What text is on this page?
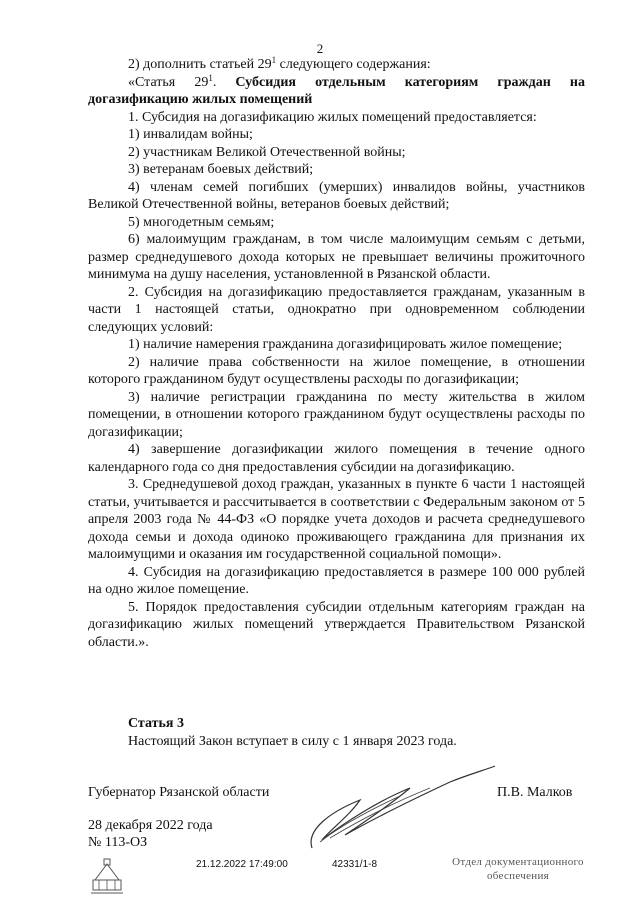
2

2) дополнить статьей $29^1$ следующего содержания:

«Статья $29^1$. Субсидия отдельным категориям граждан на догазификацию жилых помещений

1. Субсидия на догазификацию жилых помещений предоставляется:

1) инвалидам войны;

2) участникам Великой Отечественной войны;

3) ветеранам боевых действий;

4) членам семей погибших (умерших) инвалидов войны, участников Великой Отечественной войны, ветеранов боевых действий;

5) многодетным семьям;

6) малоимущим гражданам, в том числе малоимущим семьям с детьми, размер среднедушевого дохода которых не превышает величины прожиточного минимума на душу населения, установленной в Рязанской области.

2. Субсидия на догазификацию предоставляется гражданам, указанным в части 1 настоящей статьи, однократно при одновременном соблюдении следующих условий:

1) наличие намерения гражданина догазифицировать жилое помещение;

2) наличие права собственности на жилое помещение, в отношении которого гражданином будут осуществлены расходы по догазификации;

3) наличие регистрации гражданина по месту жительства в жилом помещении, в отношении которого гражданином будут осуществлены расходы по догазификации;

4) завершение догазификации жилого помещения в течение одного календарного года со дня предоставления субсидии на догазификацию.

3. Среднедушевой доход граждан, указанных в пункте 6 части 1 настоящей статьи, учитывается и рассчитывается в соответствии с Федеральным законом от 5 апреля 2003 года № 44-ФЗ «О порядке учета доходов и расчета среднедушевого дохода семьи и дохода одиноко проживающего гражданина для признания их малоимущими и оказания им государственной социальной помощи».

4. Субсидия на догазификацию предоставляется в размере 100 000 рублей на одно жилое помещение.

5. Порядок предоставления субсидии отдельным категориям граждан на догазификацию жилых помещений утверждается Правительством Рязанской области.».

Статья 3
Настоящий Закон вступает в силу с 1 января 2023 года.
Губернатор Рязанской области	П.В. Малков
28 декабря 2022 года
№ 113-ОЗ
21.12.2022 17:49:00	42331/1-8	Отдел документационного обеспечения
